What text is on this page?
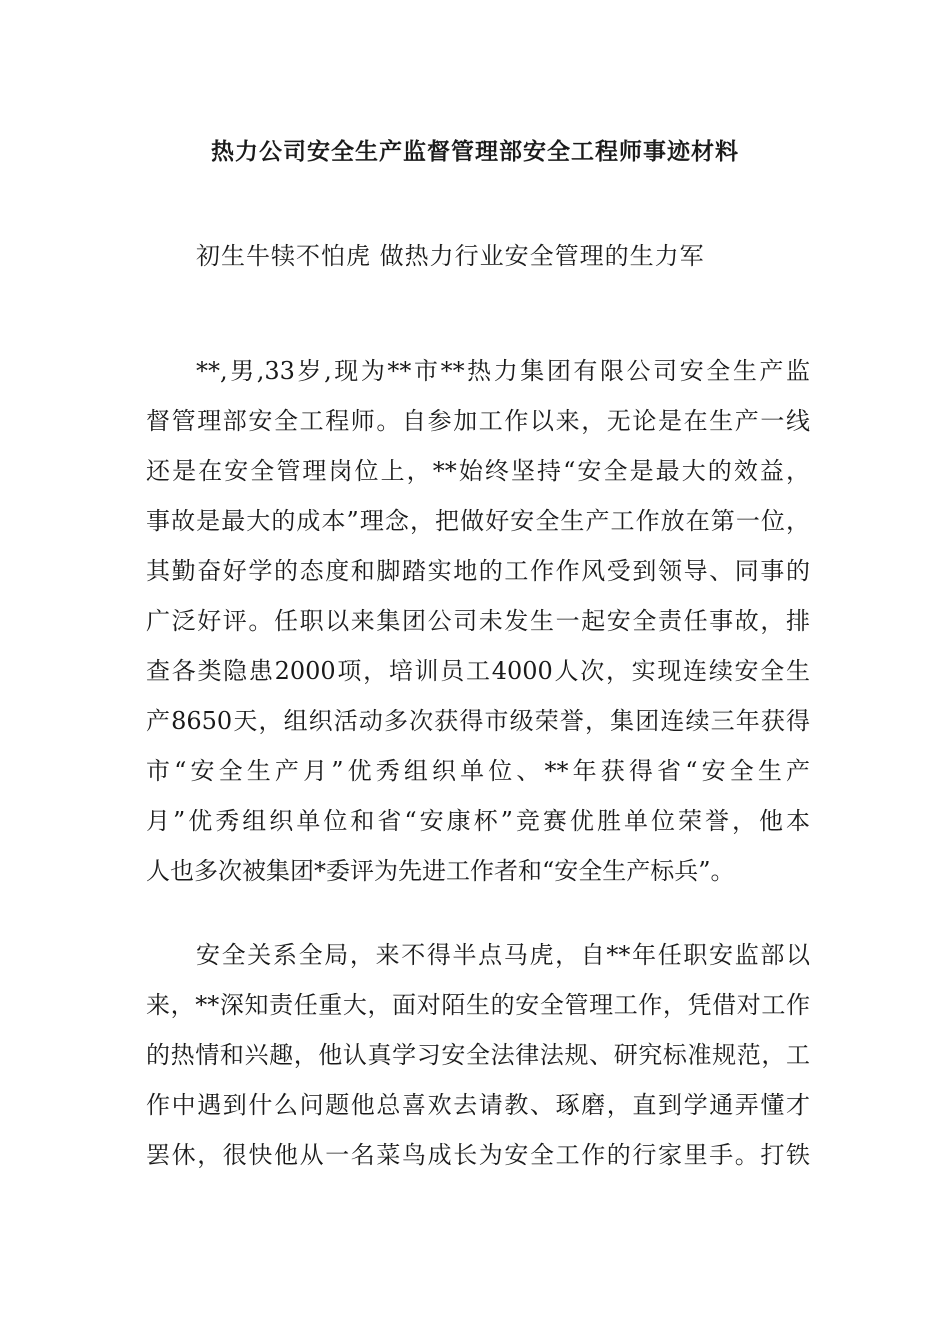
热力公司安全生产监督管理部安全工程师事迹材料
初生牛犊不怕虎 做热力行业安全管理的生力军
**,男,33岁,现为**市**热力集团有限公司安全生产监
督管理部安全工程师。自参加工作以来，无论是在生产一线
还是在安全管理岗位上，**始终坚持“安全是最大的效益，
事故是最大的成本”理念，把做好安全生产工作放在第一位，
其勤奋好学的态度和脚踏实地的工作作风受到领导、同事的
广泛好评。任职以来集团公司未发生一起安全责任事故，排
查各类隐患2000项，培训员工4000人次，实现连续安全生
产8650天，组织活动多次获得市级荣誉，集团连续三年获得
市“安全生产月”优秀组织单位、**年获得省“安全生产
月”优秀组织单位和省“安康杯”竞赛优胜单位荣誉，他本
人也多次被集团*委评为先进工作者和“安全生产标兵”。
安全关系全局，来不得半点马虎，自**年任职安监部以
来，**深知责任重大，面对陌生的安全管理工作，凭借对工作
的热情和兴趣，他认真学习安全法律法规、研究标准规范，工
作中遇到什么问题他总喜欢去请教、琢磨，直到学通弄懂才
罢休，很快他从一名菜鸟成长为安全工作的行家里手。打铁
